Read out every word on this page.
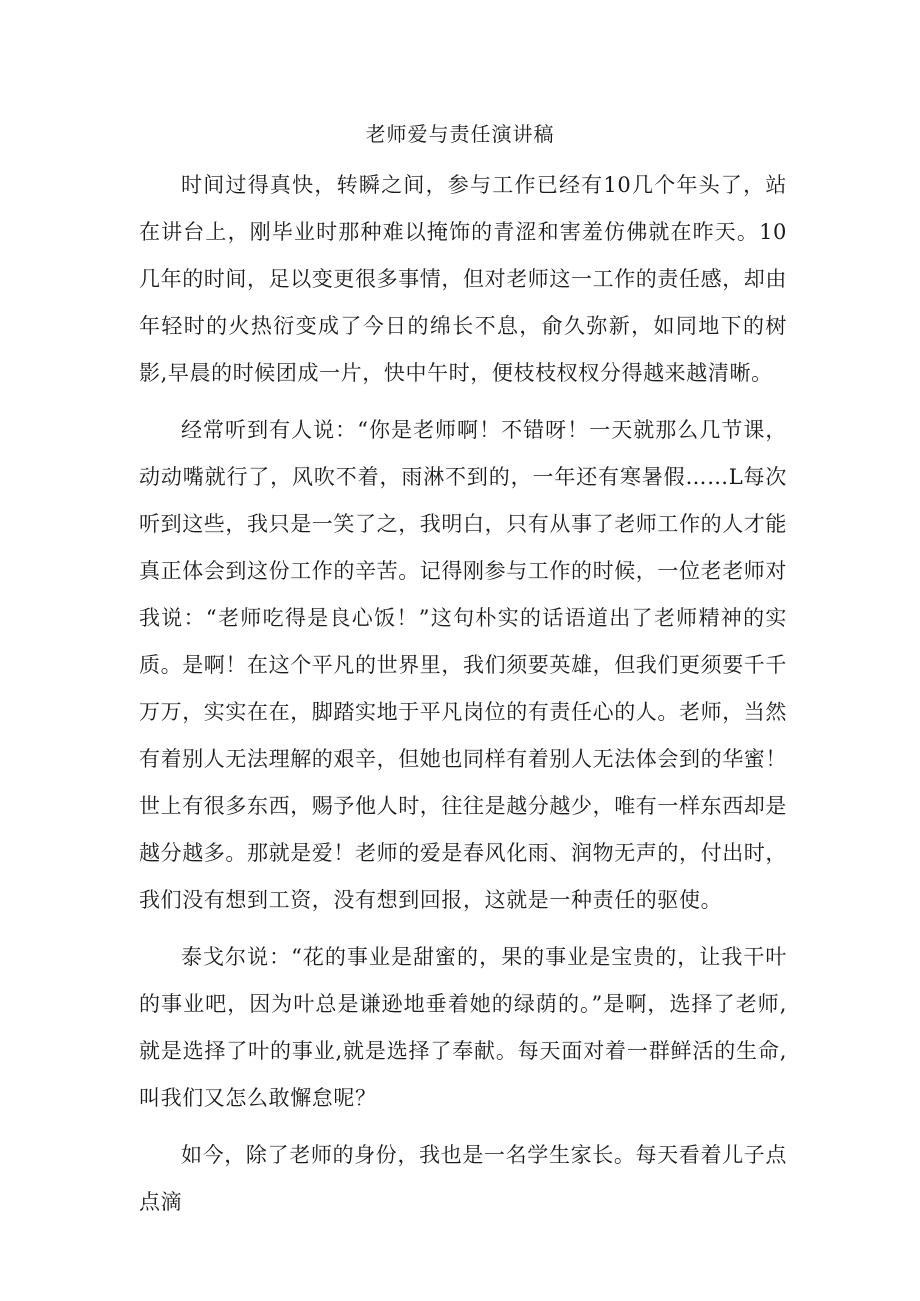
老师爱与责任演讲稿

时间过得真快，转瞬之间，参与工作已经有10几个年头了，站在讲台上，刚毕业时那种难以掩饰的青涩和害羞仿佛就在昨天。10几年的时间，足以变更很多事情，但对老师这一工作的责任感，却由年轻时的火热衍变成了今日的绵长不息，俞久弥新，如同地下的树影,早晨的时候团成一片，快中午时，便枝枝杈杈分得越来越清晰。

经常听到有人说：“你是老师啊！不错呀！一天就那么几节课，动动嘴就行了，风吹不着，雨淋不到的，一年还有寒暑假……L每次听到这些，我只是一笑了之，我明白，只有从事了老师工作的人才能真正体会到这份工作的辛苦。记得刚参与工作的时候，一位老老师对我说：“老师吃得是良心饭！”这句朴实的话语道出了老师精神的实质。是啊！在这个平凡的世界里，我们须要英雄，但我们更须要千千万万，实实在在，脚踏实地于平凡岗位的有责任心的人。老师，当然有着别人无法理解的艰辛，但她也同样有着别人无法体会到的华蜜！世上有很多东西，赐予他人时，往往是越分越少，唯有一样东西却是越分越多。那就是爱！老师的爱是春风化雨、润物无声的，付出时，我们没有想到工资，没有想到回报，这就是一种责任的驱使。

泰戈尔说：“花的事业是甜蜜的，果的事业是宝贵的，让我干叶的事业吧，因为叶总是谦逊地垂着她的绿荫的。”是啊，选择了老师,就是选择了叶的事业,就是选择了奉献。每天面对着一群鲜活的生命,叫我们又怎么敢懈怠呢？

如今，除了老师的身份，我也是一名学生家长。每天看着儿子点点滴
